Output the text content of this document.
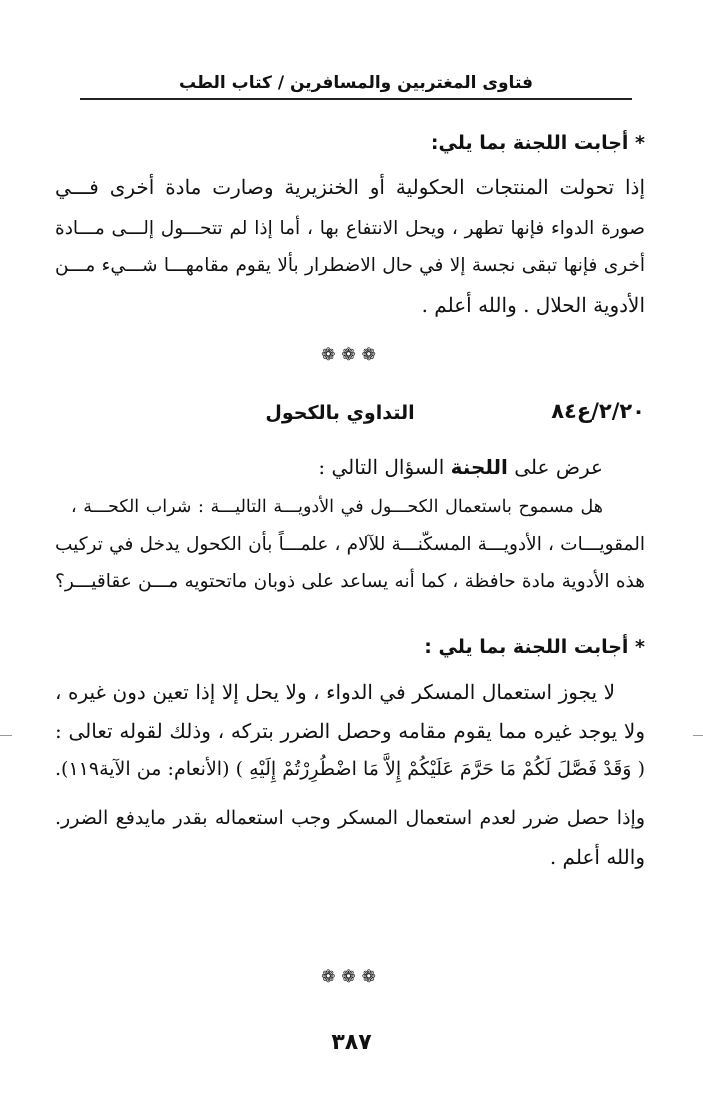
فتاوى المغتربين والمسافرين / كتاب الطب
* أجابت اللجنة بما يلي:
إذا تحولت المنتجات الحكولية أو الخنزيرية وصارت مادة أخرى فـــي
صورة الدواء فإنها تطهر ، ويحل الانتفاع بها ، أما إذا لم تتحـــول إلـــى مـــادة
أخرى فإنها تبقى نجسة إلا في حال الاضطرار بألا يقوم مقامهـــا شـــيء مـــن
الأدوية الحلال . والله أعلم .
❁❁❁
٢/٢٠/ع٨٤
التداوي بالكحول
عرض على اللجنة السؤال التالي :
هل مسموح باستعمال الكحـــول في الأدويـــة التاليـــة : شراب الكحـــة ،
المقويـــات ، الأدويـــة المسكّنـــة للآلام ، علمـــاً بأن الكحول يدخل في تركيب
هذه الأدوية مادة حافظة ، كما أنه يساعد على ذوبان ماتحتويه مـــن عقاقيـــر؟
* أجابت اللجنة بما يلي :
لا يجوز استعمال المسكر في الدواء ، ولا يحل إلا إذا تعين دون غيره ،
ولا يوجد غيره مما يقوم مقامه وحصل الضرر بتركه ، وذلك لقوله تعالى :
( وَقَدْ فَصَّلَ لَكُمْ مَا حَرَّمَ عَلَيْكُمْ إِلاَّ مَا اضْطُرِرْتُمْ إِلَيْهِ ) (الأنعام: من الآية١١٩).
وإذا حصل ضرر لعدم استعمال المسكر وجب استعماله بقدر مايدفع الضرر.
والله أعلم .
❁❁❁
٣٨٧
